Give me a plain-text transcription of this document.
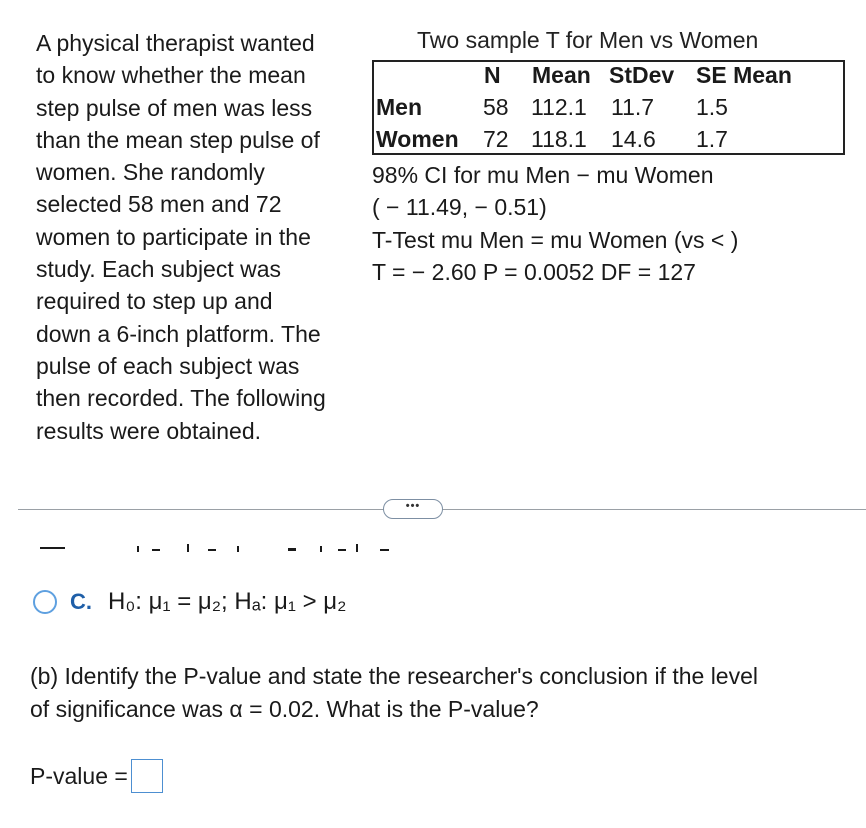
A physical therapist wanted
to know whether the mean
step pulse of men was less
than the mean step pulse of
women. She randomly
selected 58 men and 72
women to participate in the
study. Each subject was
required to step up and
down a 6-inch platform. The
pulse of each subject was
then recorded. The following
results were obtained.
Two sample T for Men vs Women
N Mean StDev SE Mean
Men	58 112.1 11.7 1.5
Women 72 118.1 14.6 1.7
98% CI for mu Men − mu Women
( − 11.49, − 0.51)
T-Test mu Men = mu Women (vs < )
T = − 2.60 P = 0.0052 DF = 127
•••
C. H₀: μ₁ = μ₂; Hₐ: μ₁ > μ₂
(b) Identify the P-value and state the researcher's conclusion if the level
of significance was α = 0.02. What is the P-value?
P-value =
